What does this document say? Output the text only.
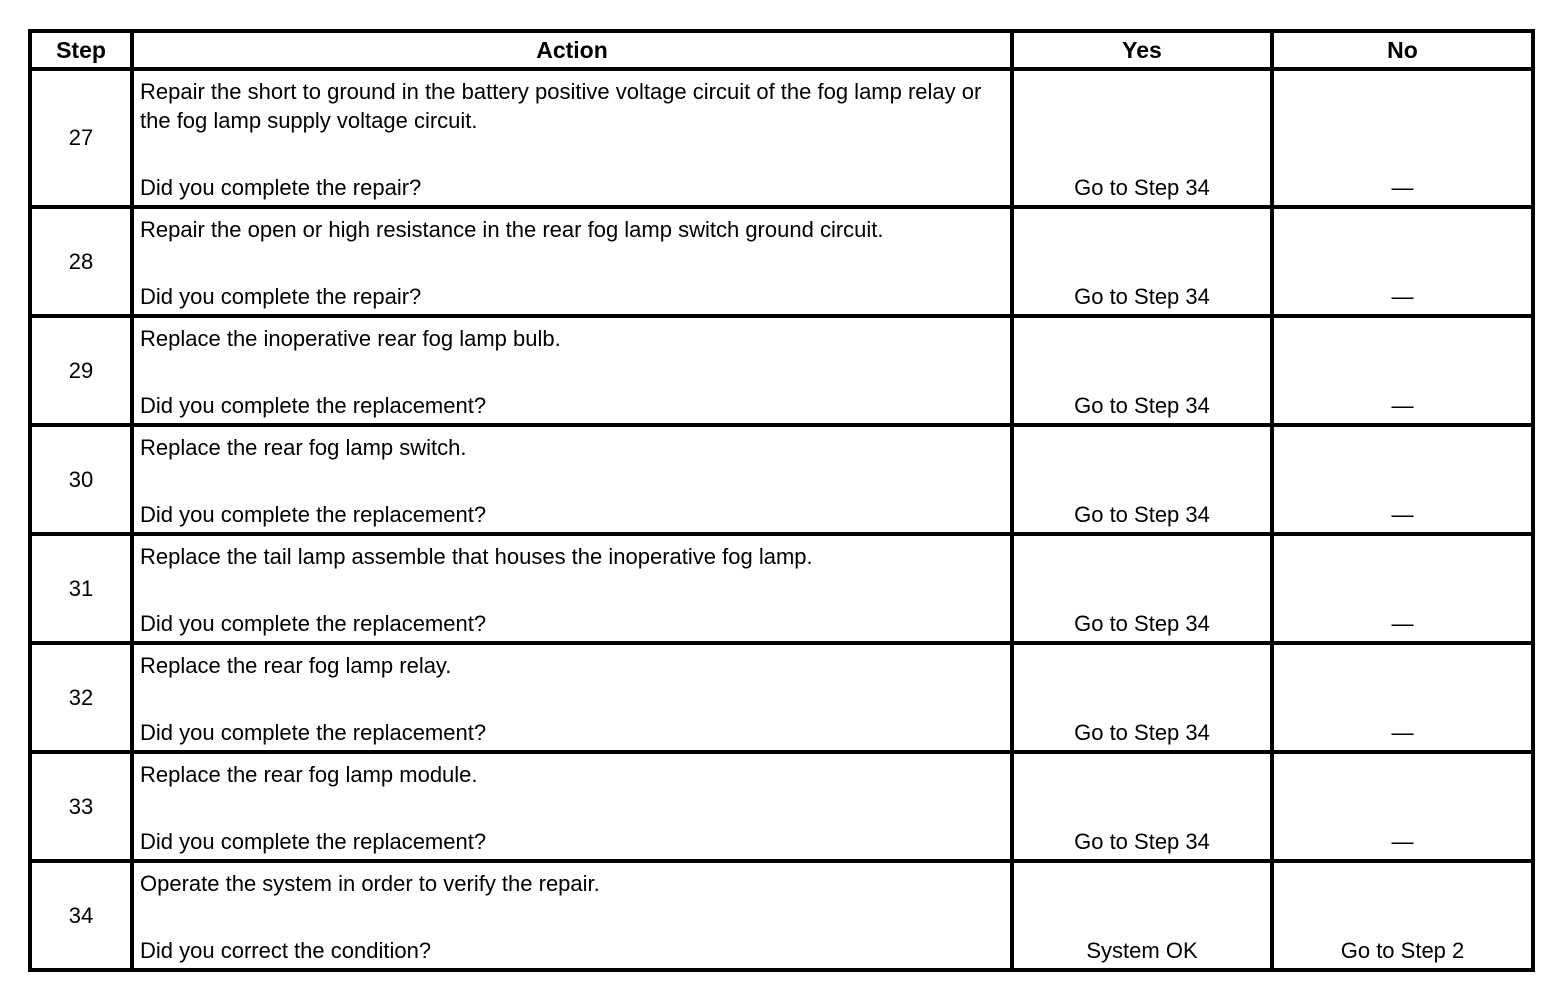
Step	Action	Yes	No
27	Repair the short to ground in the battery positive voltage circuit of the fog lamp relay or the fog lamp supply voltage circuit.
Did you complete the repair?	Go to Step 34	—
28	Repair the open or high resistance in the rear fog lamp switch ground circuit.
Did you complete the repair?	Go to Step 34	—
29	Replace the inoperative rear fog lamp bulb.
Did you complete the replacement?	Go to Step 34	—
30	Replace the rear fog lamp switch.
Did you complete the replacement?	Go to Step 34	—
31	Replace the tail lamp assemble that houses the inoperative fog lamp.
Did you complete the replacement?	Go to Step 34	—
32	Replace the rear fog lamp relay.
Did you complete the replacement?	Go to Step 34	—
33	Replace the rear fog lamp module.
Did you complete the replacement?	Go to Step 34	—
34	Operate the system in order to verify the repair.
Did you correct the condition?	System OK	Go to Step 2
